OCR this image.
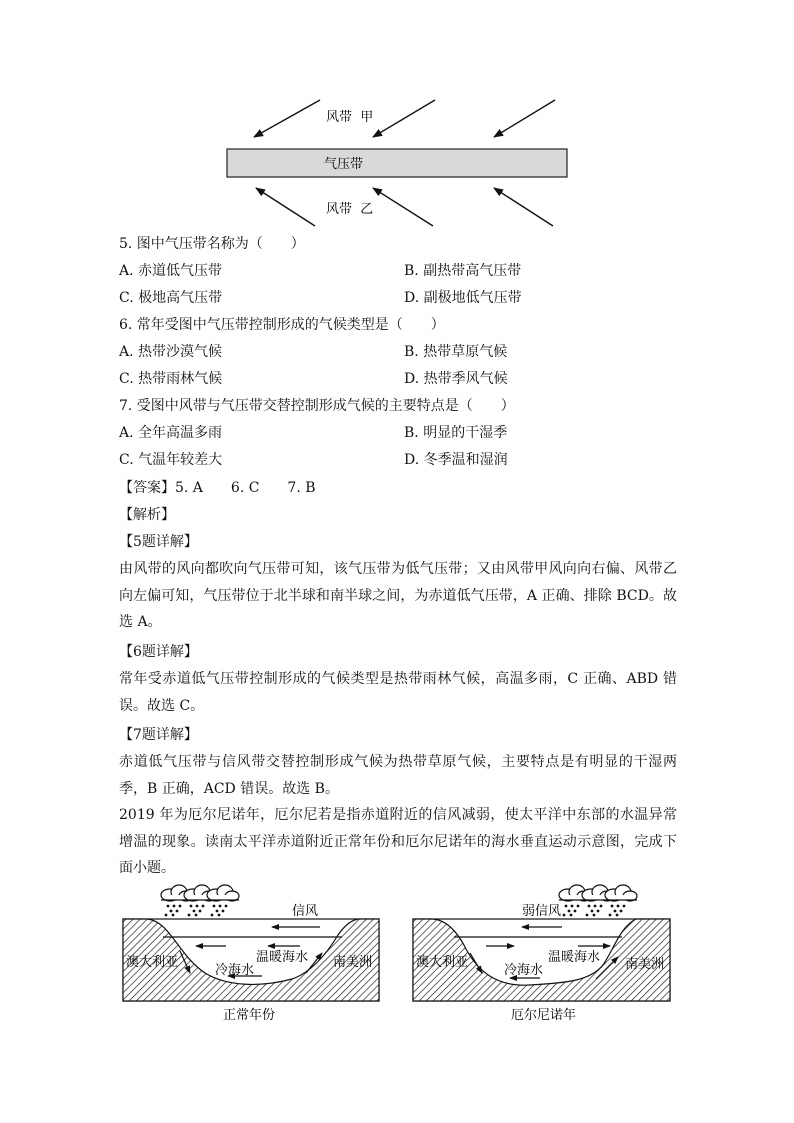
风带  甲
气压带
风带  乙
5. 图中气压带名称为（　　）
A. 赤道低气压带	B. 副热带高气压带
C. 极地高气压带	D. 副极地低气压带
6. 常年受图中气压带控制形成的气候类型是（　　）
A. 热带沙漠气候	B. 热带草原气候
C. 热带雨林气候	D. 热带季风气候
7. 受图中风带与气压带交替控制形成气候的主要特点是（　　）
A. 全年高温多雨	B. 明显的干湿季
C. 气温年较差大	D. 冬季温和湿润
【答案】5. A　　6. C　　7. B
【解析】
【5题详解】
由风带的风向都吹向气压带可知，该气压带为低气压带；又由风带甲风向向右偏、风带乙向左偏可知，气压带位于北半球和南半球之间，为赤道低气压带，A 正确、排除 BCD。故选 A。
【6题详解】
常年受赤道低气压带控制形成的气候类型是热带雨林气候，高温多雨，C 正确、ABD 错误。故选 C。
【7题详解】
赤道低气压带与信风带交替控制形成气候为热带草原气候，主要特点是有明显的干湿两季，B 正确，ACD 错误。故选 B。
2019 年为厄尔尼诺年，厄尔尼若是指赤道附近的信风减弱，使太平洋中东部的水温异常增温的现象。读南太平洋赤道附近正常年份和厄尔尼诺年的海水垂直运动示意图，完成下面小题。
信风
温暖海水
冷海水
澳大利亚	南美洲
正常年份
弱信风
温暖海水
冷海水
澳大利亚	南美洲
厄尔尼诺年
